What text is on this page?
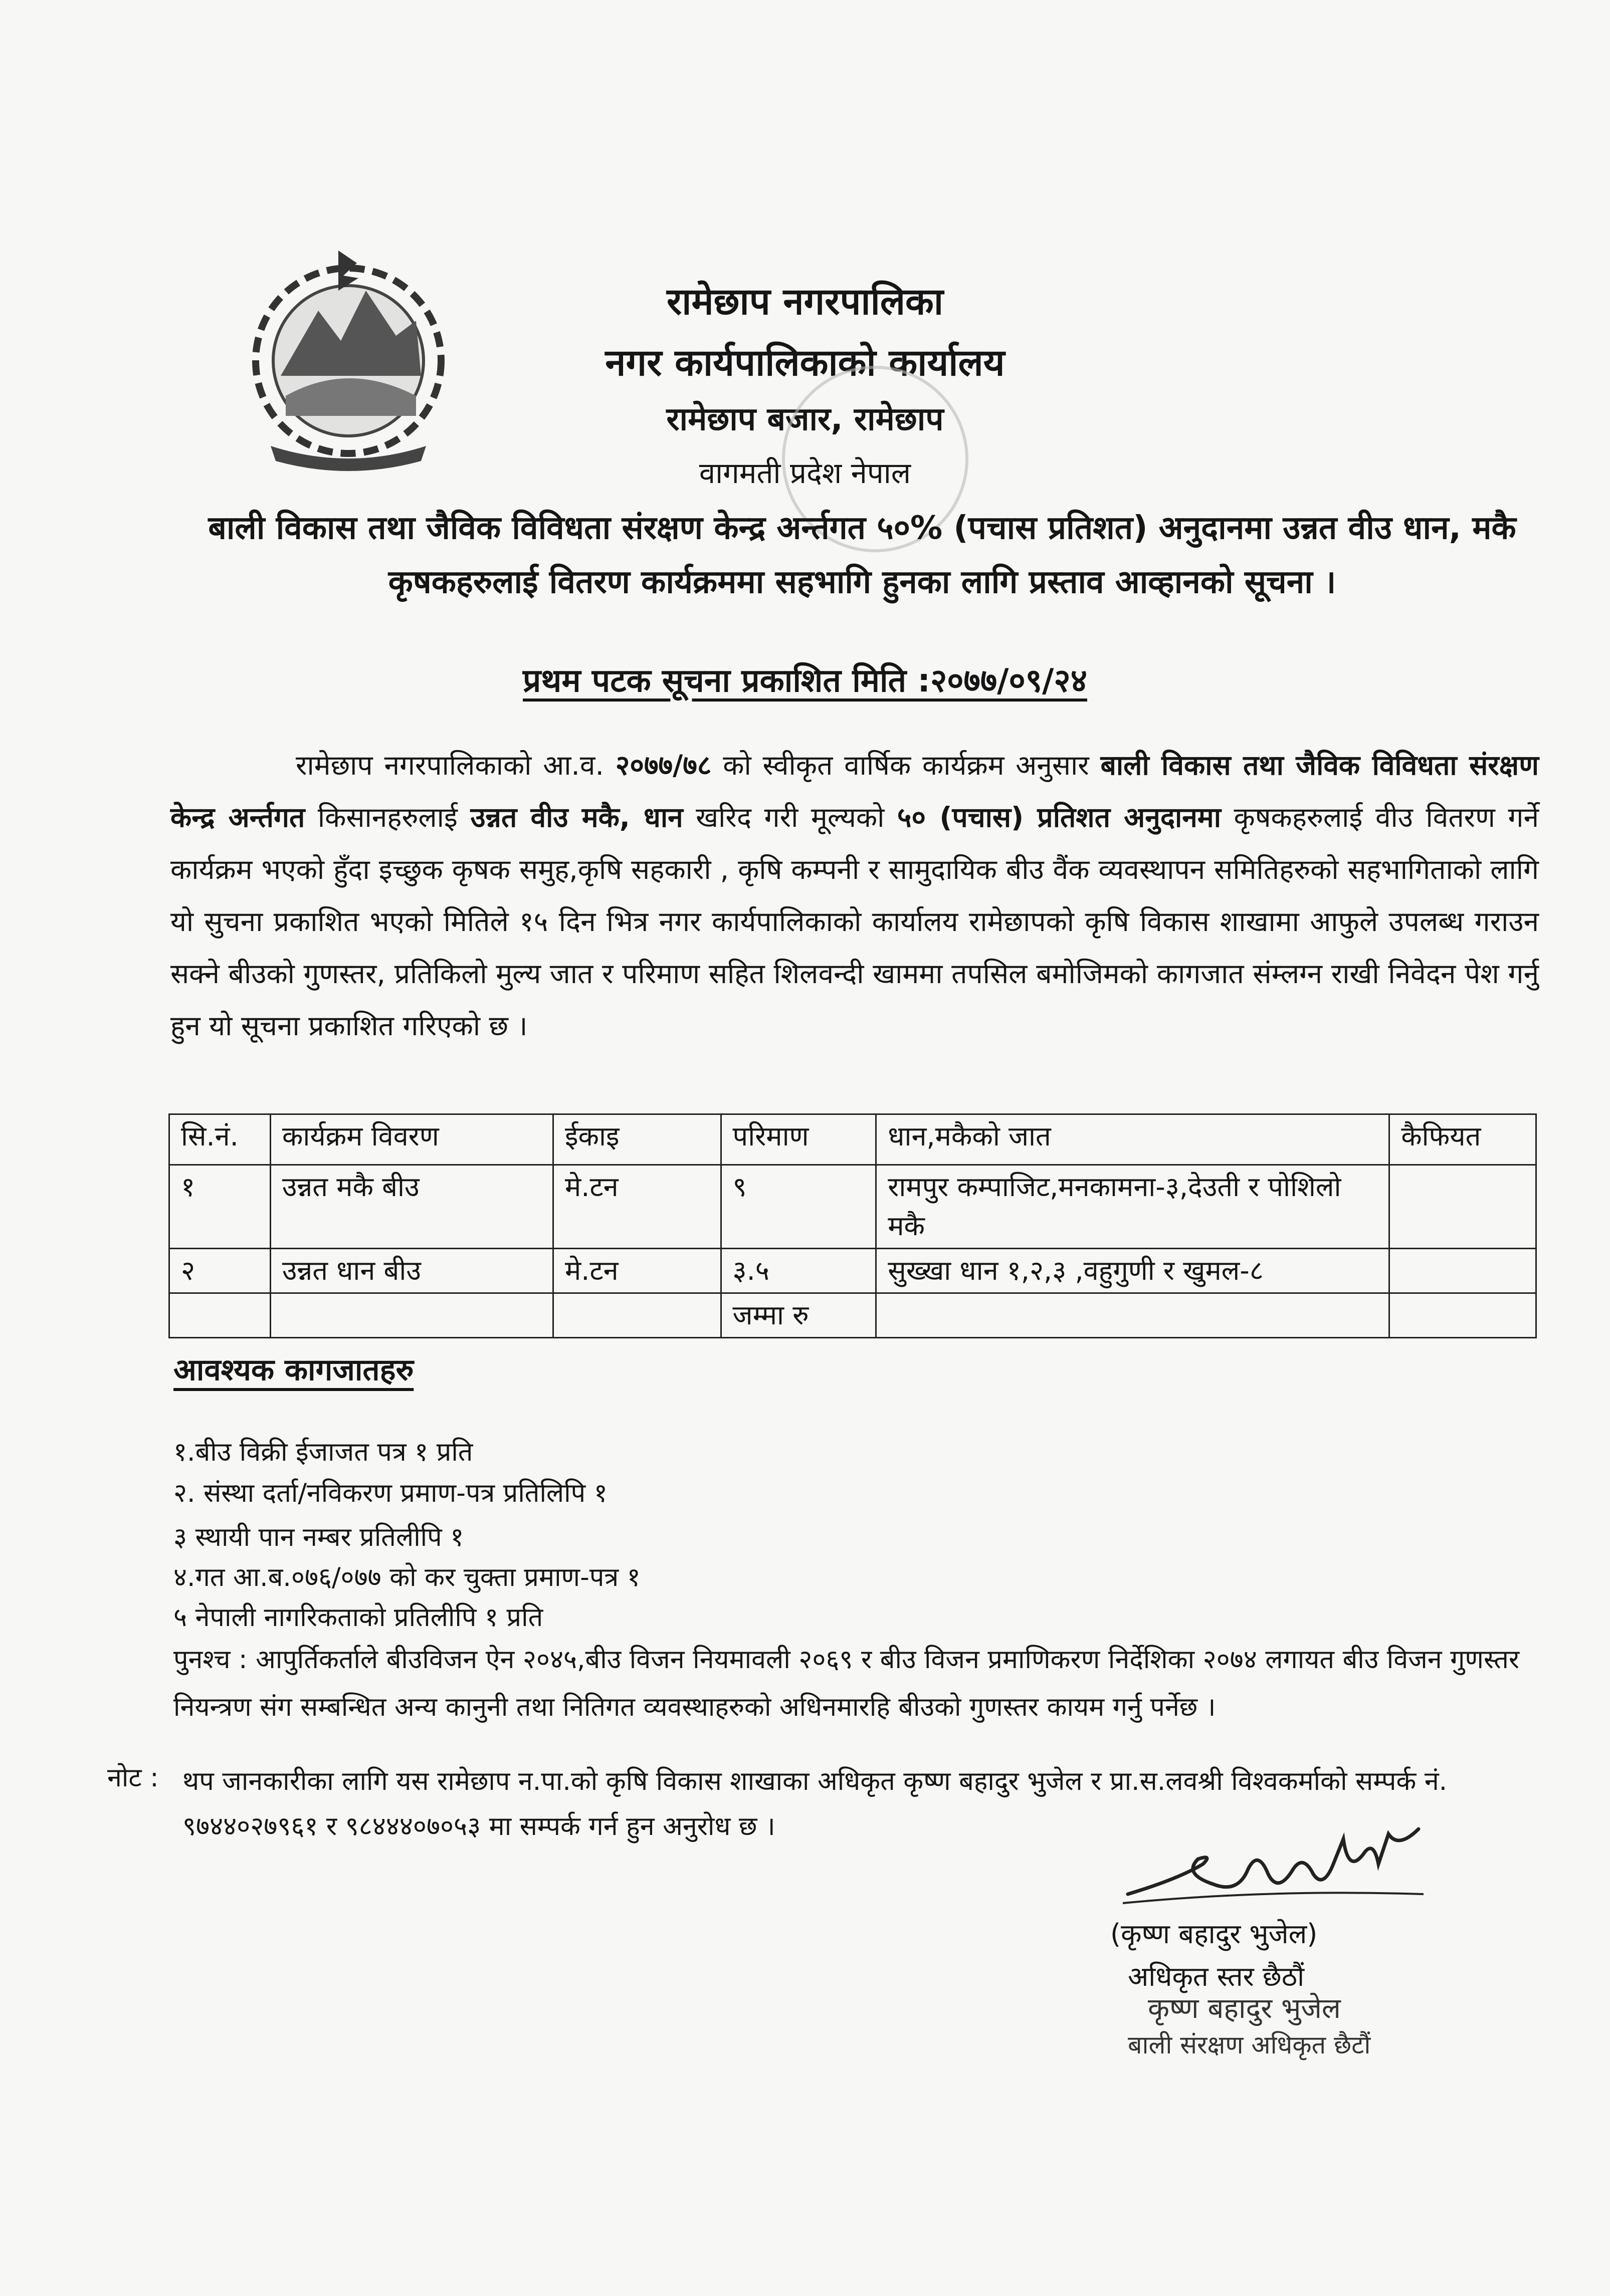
रामेछाप नगरपालिका
नगर कार्यपालिकाको कार्यालय
रामेछाप बजार, रामेछाप
वागमती प्रदेश नेपाल
बाली विकास तथा जैविक विविधता संरक्षण केन्द्र अर्न्तगत ५०% (पचास प्रतिशत) अनुदानमा उन्नत वीउ धान, मकै कृषकहरुलाई वितरण कार्यक्रममा सहभागि हुनका लागि प्रस्ताव आव्हानको सूचना ।
प्रथम पटक सूचना प्रकाशित मिति :२०७७/०९/२४
रामेछाप नगरपालिकाको आ.व. २०७७/७८ को स्वीकृत वार्षिक कार्यक्रम अनुसार बाली विकास तथा जैविक विविधता संरक्षण केन्द्र अर्न्तगत किसानहरुलाई उन्नत वीउ मकै, धान खरिद गरी मूल्यको ५० (पचास) प्रतिशत अनुदानमा कृषकहरुलाई वीउ वितरण गर्ने कार्यक्रम भएको हुँदा इच्छुक कृषक समुह,कृषि सहकारी , कृषि कम्पनी र सामुदायिक बीउ वैंक व्यवस्थापन समितिहरुको सहभागिताको लागि यो सुचना प्रकाशित भएको मितिले १५ दिन भित्र नगर कार्यपालिकाको कार्यालय रामेछापको कृषि विकास शाखामा आफुले उपलब्ध गराउन सक्ने बीउको गुणस्तर, प्रतिकिलो मुल्य जात र परिमाण सहित शिलवन्दी खाममा तपसिल बमोजिमको कागजात संम्लग्न राखी निवेदन पेश गर्नु हुन यो सूचना प्रकाशित गरिएको छ ।
सि.नं.	कार्यक्रम विवरण	ईकाइ	परिमाण	धान,मकैको जात	कैफियत
१	उन्नत मकै बीउ	मे.टन	९	रामपुर कम्पाजिट,मनकामना-३,देउती र पोशिलो मकै	
२	उन्नत धान बीउ	मे.टन	३.५	सुख्खा धान १,२,३ ,वहुगुणी र खुमल-८	
			जम्मा रु		
आवश्यक कागजातहरु
१.बीउ विक्री ईजाजत पत्र १ प्रति
२. संस्था दर्ता/नविकरण प्रमाण-पत्र प्रतिलिपि १
३ स्थायी पान नम्बर प्रतिलीपि १
४.गत आ.ब.०७६/०७७ को कर चुक्ता प्रमाण-पत्र १
५ नेपाली नागरिकताको प्रतिलीपि १ प्रति
पुनश्च : आपुर्तिकर्ताले बीउविजन ऐन २०४५,बीउ विजन नियमावली २०६९ र बीउ विजन प्रमाणिकरण निर्देशिका २०७४ लगायत बीउ विजन गुणस्तर नियन्त्रण संग सम्बन्धित अन्य कानुनी तथा नितिगत व्यवस्थाहरुको अधिनमारहि बीउको गुणस्तर कायम गर्नु पर्नेछ ।
नोट : थप जानकारीका लागि यस रामेछाप न.पा.को कृषि विकास शाखाका अधिकृत कृष्ण बहादुर भुजेल र प्रा.स.लवश्री विश्वकर्माको सम्पर्क नं. ९७४४०२७९६१ र ९८४४४०७०५३ मा सम्पर्क गर्न हुन अनुरोध छ ।
(कृष्ण बहादुर भुजेल)
अधिकृत स्तर छैठौं
कृष्ण बहादुर भुजेल
बाली संरक्षण अधिकृत छैटौं
